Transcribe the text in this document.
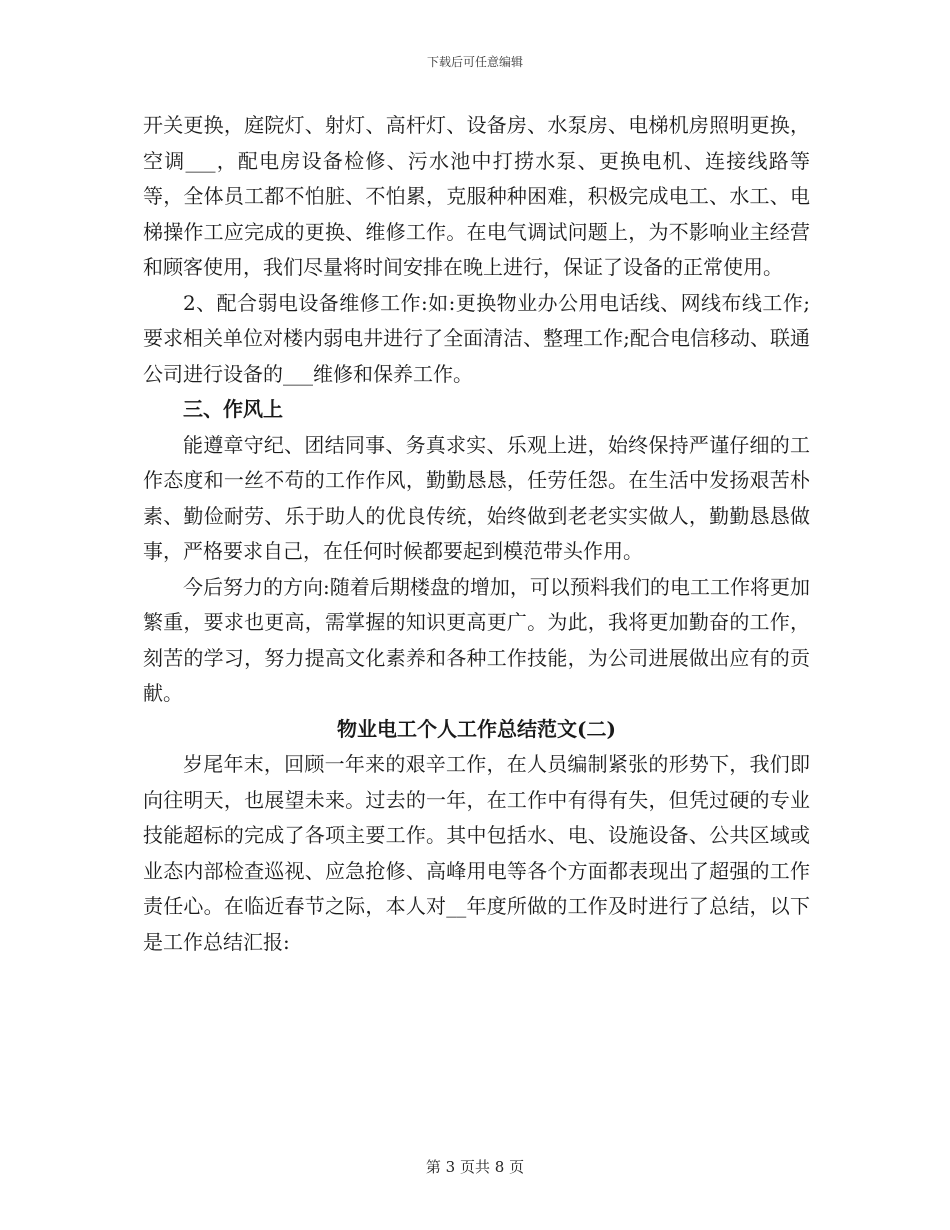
下载后可任意编辑

开关更换，庭院灯、射灯、高杆灯、设备房、水泵房、电梯机房照明更换，空调___，配电房设备检修、污水池中打捞水泵、更换电机、连接线路等等，全体员工都不怕脏、不怕累，克服种种困难，积极完成电工、水工、电梯操作工应完成的更换、维修工作。在电气调试问题上，为不影响业主经营和顾客使用，我们尽量将时间安排在晚上进行，保证了设备的正常使用。

2、配合弱电设备维修工作:如:更换物业办公用电话线、网线布线工作;要求相关单位对楼内弱电井进行了全面清洁、整理工作;配合电信移动、联通公司进行设备的___维修和保养工作。

三、作风上

能遵章守纪、团结同事、务真求实、乐观上进，始终保持严谨仔细的工作态度和一丝不苟的工作作风，勤勤恳恳，任劳任怨。在生活中发扬艰苦朴素、勤俭耐劳、乐于助人的优良传统，始终做到老老实实做人，勤勤恳恳做事，严格要求自己，在任何时候都要起到模范带头作用。

今后努力的方向:随着后期楼盘的增加，可以预料我们的电工工作将更加繁重，要求也更高，需掌握的知识更高更广。为此，我将更加勤奋的工作，刻苦的学习，努力提高文化素养和各种工作技能，为公司进展做出应有的贡献。

物业电工个人工作总结范文(二)

岁尾年末，回顾一年来的艰辛工作，在人员编制紧张的形势下，我们即向往明天，也展望未来。过去的一年，在工作中有得有失，但凭过硬的专业技能超标的完成了各项主要工作。其中包括水、电、设施设备、公共区域或业态内部检查巡视、应急抢修、高峰用电等各个方面都表现出了超强的工作责任心。在临近春节之际，本人对__年度所做的工作及时进行了总结，以下是工作总结汇报:

第 3 页共 8 页
